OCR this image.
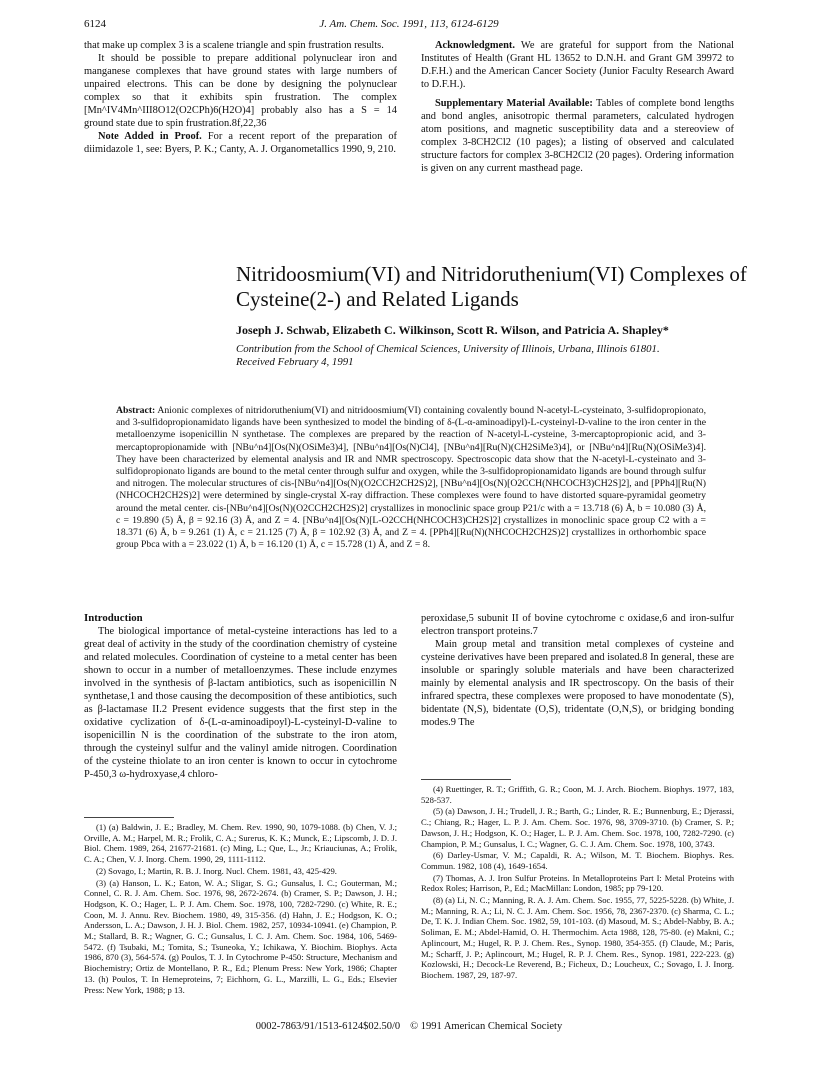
6124	J. Am. Chem. Soc. 1991, 113, 6124-6129

that make up complex 3 is a scalene triangle and spin frustration results.

It should be possible to prepare additional polynuclear iron and manganese complexes that have ground states with large numbers of unpaired electrons. This can be done by designing the polynuclear complex so that it exhibits spin frustration. The complex [Mn^IV4Mn^III8O12(O2CPh)6(H2O)4] probably also has a S = 14 ground state due to spin frustration.8f,22,36

Note Added in Proof. For a recent report of the preparation of diimidazole 1, see: Byers, P. K.; Canty, A. J. Organometallics 1990, 9, 210.

Acknowledgment. We are grateful for support from the National Institutes of Health (Grant HL 13652 to D.N.H. and Grant GM 39972 to D.F.H.) and the American Cancer Society (Junior Faculty Research Award to D.F.H.).

Supplementary Material Available: Tables of complete bond lengths and bond angles, anisotropic thermal parameters, calculated hydrogen atom positions, and magnetic susceptibility data and a stereoview of complex 3-8CH2Cl2 (10 pages); a listing of observed and calculated structure factors for complex 3-8CH2Cl2 (20 pages). Ordering information is given on any current masthead page.

Nitridoosmium(VI) and Nitridoruthenium(VI) Complexes of Cysteine(2-) and Related Ligands
Joseph J. Schwab, Elizabeth C. Wilkinson, Scott R. Wilson, and Patricia A. Shapley*
Contribution from the School of Chemical Sciences, University of Illinois, Urbana, Illinois 61801.
Received February 4, 1991

Abstract: Anionic complexes of nitridoruthenium(VI) and nitridoosmium(VI) containing covalently bound N-acetyl-L-cysteinato, 3-sulfidopropionato, and 3-sulfidopropionamidato ligands have been synthesized to model the binding of δ-(L-α-aminoadipyl)-L-cysteinyl-D-valine to the iron center in the metalloenzyme isopenicillin N synthetase. The complexes are prepared by the reaction of N-acetyl-L-cysteine, 3-mercaptopropionic acid, and 3-mercaptopropionamide with [NBu^n4][Os(N)(OSiMe3)4], [NBu^n4][Os(N)Cl4], [NBu^n4][Ru(N)(CH2SiMe3)4], or [NBu^n4][Ru(N)(OSiMe3)4]. They have been characterized by elemental analysis and IR and NMR spectroscopy. Spectroscopic data show that the N-acetyl-L-cysteinato and 3-sulfidopropionato ligands are bound to the metal center through sulfur and oxygen, while the 3-sulfidopropionamidato ligands are bound through sulfur and nitrogen. The molecular structures of cis-[NBu^n4][Os(N)(O2CCH2CH2S)2], [NBu^n4][Os(N)[O2CCH(NHCOCH3)CH2S]2], and [PPh4][Ru(N)(NHCOCH2CH2S)2] were determined by single-crystal X-ray diffraction. These complexes were found to have distorted square-pyramidal geometry around the metal center. cis-[NBu^n4][Os(N)(O2CCH2CH2S)2] crystallizes in monoclinic space group P21/c with a = 13.718 (6) Å, b = 10.080 (3) Å, c = 19.890 (5) Å, β = 92.16 (3) Å, and Z = 4. [NBu^n4][Os(N)[L-O2CCH(NHCOCH3)CH2S]2] crystallizes in monoclinic space group C2 with a = 18.371 (6) Å, b = 9.261 (1) Å, c = 21.125 (7) Å, β = 102.92 (3) Å, and Z = 4. [PPh4][Ru(N)(NHCOCH2CH2S)2] crystallizes in orthorhombic space group Pbca with a = 23.022 (1) Å, b = 16.120 (1) Å, c = 15.728 (1) Å, and Z = 8.

Introduction

The biological importance of metal-cysteine interactions has led to a great deal of activity in the study of the coordination chemistry of cysteine and related molecules. Coordination of cysteine to a metal center has been shown to occur in a number of metalloenzymes. These include enzymes involved in the synthesis of β-lactam antibiotics, such as isopenicillin N synthetase,1 and those causing the decomposition of these antibiotics, such as β-lactamase II.2 Present evidence suggests that the first step in the oxidative cyclization of δ-(L-α-aminoadipoyl)-L-cysteinyl-D-valine to isopenicillin N is the coordination of the substrate to the iron atom, through the cysteinyl sulfur and the valinyl amide nitrogen. Coordination of the cysteine thiolate to an iron center is known to occur in cytochrome P-450,3 ω-hydroxyase,4 chloro-

peroxidase,5 subunit II of bovine cytochrome c oxidase,6 and iron-sulfur electron transport proteins.7

Main group metal and transition metal complexes of cysteine and cysteine derivatives have been prepared and isolated.8 In general, these are insoluble or sparingly soluble materials and have been characterized mainly by elemental analysis and IR spectroscopy. On the basis of their infrared spectra, these complexes were proposed to have monodentate (S), bidentate (N,S), bidentate (O,S), tridentate (O,N,S), or bridging bonding modes.9 The

(1) (a) Baldwin, J. E.; Bradley, M. Chem. Rev. 1990, 90, 1079-1088. (b) Chen, V. J.; Orville, A. M.; Harpel, M. R.; Frolik, C. A.; Surerus, K. K.; Munck, E.; Lipscomb, J. D. J. Biol. Chem. 1989, 264, 21677-21681. (c) Ming, L.; Que, L., Jr.; Kriauciunas, A.; Frolik, C. A.; Chen, V. J. Inorg. Chem. 1990, 29, 1111-1112.

(2) Sovago, I.; Martin, R. B. J. Inorg. Nucl. Chem. 1981, 43, 425-429.

(3) (a) Hanson, L. K.; Eaton, W. A.; Sligar, S. G.; Gunsalus, I. C.; Gouterman, M.; Connel, C. R. J. Am. Chem. Soc. 1976, 98, 2672-2674. (b) Cramer, S. P.; Dawson, J. H.; Hodgson, K. O.; Hager, L. P. J. Am. Chem. Soc. 1978, 100, 7282-7290. (c) White, R. E.; Coon, M. J. Annu. Rev. Biochem. 1980, 49, 315-356. (d) Hahn, J. E.; Hodgson, K. O.; Andersson, L. A.; Dawson, J. H. J. Biol. Chem. 1982, 257, 10934-10941. (e) Champion, P. M.; Stallard, B. R.; Wagner, G. C.; Gunsalus, I. C. J. Am. Chem. Soc. 1984, 106, 5469-5472. (f) Tsubaki, M.; Tomita, S.; Tsuneoka, Y.; Ichikawa, Y. Biochim. Biophys. Acta 1986, 870 (3), 564-574. (g) Poulos, T. J. In Cytochrome P-450: Structure, Mechanism and Biochemistry; Ortiz de Montellano, P. R., Ed.; Plenum Press: New York, 1986; Chapter 13. (h) Poulos, T. In Hemeproteins, 7; Eichhorn, G. L., Marzilli, L. G., Eds.; Elsevier Press: New York, 1988; p 13.

(4) Ruettinger, R. T.; Griffith, G. R.; Coon, M. J. Arch. Biochem. Biophys. 1977, 183, 528-537.

(5) (a) Dawson, J. H.; Trudell, J. R.; Barth, G.; Linder, R. E.; Bunnenburg, E.; Djerassi, C.; Chiang, R.; Hager, L. P. J. Am. Chem. Soc. 1976, 98, 3709-3710. (b) Cramer, S. P.; Dawson, J. H.; Hodgson, K. O.; Hager, L. P. J. Am. Chem. Soc. 1978, 100, 7282-7290. (c) Champion, P. M.; Gunsalus, I. C.; Wagner, G. C. J. Am. Chem. Soc. 1978, 100, 3743.

(6) Darley-Usmar, V. M.; Capaldi, R. A.; Wilson, M. T. Biochem. Biophys. Res. Commun. 1982, 108 (4), 1649-1654.

(7) Thomas, A. J. Iron Sulfur Proteins. In Metalloproteins Part I: Metal Proteins with Redox Roles; Harrison, P., Ed.; MacMillan: London, 1985; pp 79-120.

(8) (a) Li, N. C.; Manning, R. A. J. Am. Chem. Soc. 1955, 77, 5225-5228. (b) White, J. M.; Manning, R. A.; Li, N. C. J. Am. Chem. Soc. 1956, 78, 2367-2370. (c) Sharma, C. L.; De, T. K. J. Indian Chem. Soc. 1982, 59, 101-103. (d) Masoud, M. S.; Abdel-Nabby, B. A.; Soliman, E. M.; Abdel-Hamid, O. H. Thermochim. Acta 1988, 128, 75-80. (e) Makni, C.; Aplincourt, M.; Hugel, R. P. J. Chem. Res., Synop. 1980, 354-355. (f) Claude, M.; Paris, M.; Scharff, J. P.; Aplincourt, M.; Hugel, R. P. J. Chem. Res., Synop. 1981, 222-223. (g) Kozlowski, H.; Decock-Le Reverend, B.; Ficheux, D.; Loucheux, C.; Sovago, I. J. Inorg. Biochem. 1987, 29, 187-97.

0002-7863/91/1513-6124$02.50/0 © 1991 American Chemical Society
